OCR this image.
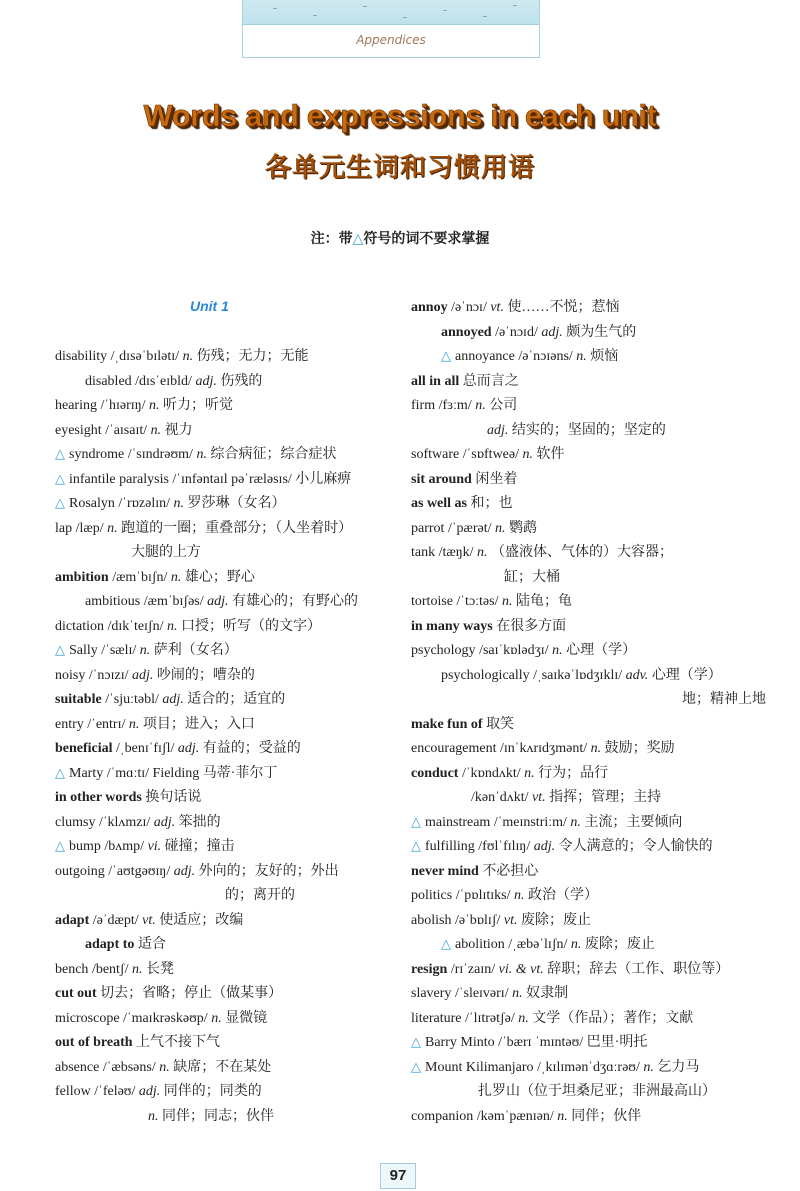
Appendices
Words and expressions in each unit
各单元生词和习惯用语
注：带△符号的词不要求掌握
Unit 1
disability /ˌdɪsəˈbɪlətɪ/ n. 伤残；无力；无能
disabled /dɪsˈeɪbld/ adj. 伤残的
hearing /ˈhɪərɪŋ/ n. 听力；听觉
eyesight /ˈaɪsaɪt/ n. 视力
△ syndrome /ˈsɪndrəʊm/ n. 综合病征；综合症状
△ infantile paralysis /ˈɪnfəntaɪl pəˈræləsɪs/ 小儿麻痹
△ Rosalyn /ˈrɒzəlɪn/ n. 罗莎琳（女名）
lap /læp/ n. 跑道的一圈；重叠部分；（人坐着时）
大腿的上方
ambition /æmˈbɪʃn/ n. 雄心；野心
ambitious /æmˈbɪʃəs/ adj. 有雄心的；有野心的
dictation /dɪkˈteɪʃn/ n. 口授；听写（的文字）
△ Sally /ˈsælɪ/ n. 萨利（女名）
noisy /ˈnɔɪzɪ/ adj. 吵闹的；嘈杂的
suitable /ˈsjuːtəbl/ adj. 适合的；适宜的
entry /ˈentrɪ/ n. 项目；进入；入口
beneficial /ˌbenɪˈfɪʃl/ adj. 有益的；受益的
△ Marty /ˈmɑːtɪ/ Fielding 马蒂·菲尔丁
in other words 换句话说
clumsy /ˈklʌmzɪ/ adj. 笨拙的
△ bump /bʌmp/ vi. 碰撞；撞击
outgoing /ˈaʊtgəʊɪŋ/ adj. 外向的；友好的；外出
的；离开的
adapt /əˈdæpt/ vt. 使适应；改编
adapt to 适合
bench /bentʃ/ n. 长凳
cut out 切去；省略；停止（做某事）
microscope /ˈmaɪkrəskəʊp/ n. 显微镜
out of breath 上气不接下气
absence /ˈæbsəns/ n. 缺席；不在某处
fellow /ˈfeləʊ/ adj. 同伴的；同类的
n. 同伴；同志；伙伴
annoy /əˈnɔɪ/ vt. 使……不悦；惹恼
annoyed /əˈnɔɪd/ adj. 颇为生气的
△ annoyance /əˈnɔɪəns/ n. 烦恼
all in all 总而言之
firm /fɜːm/ n. 公司
adj. 结实的；坚固的；坚定的
software /ˈsɒftweə/ n. 软件
sit around 闲坐着
as well as 和；也
parrot /ˈpærət/ n. 鹦鹉
tank /tæŋk/ n. （盛液体、气体的）大容器；
缸；大桶
tortoise /ˈtɔːtəs/ n. 陆龟；龟
in many ways 在很多方面
psychology /saɪˈkɒlədʒɪ/ n. 心理（学）
psychologically /ˌsaɪkəˈlɒdʒɪklɪ/ adv. 心理（学）
地；精神上地
make fun of 取笑
encouragement /ɪnˈkʌrɪdʒmənt/ n. 鼓励；奖励
conduct /ˈkɒndʌkt/ n. 行为；品行
/kənˈdʌkt/ vt. 指挥；管理；主持
△ mainstream /ˈmeɪnstriːm/ n. 主流；主要倾向
△ fulfilling /fʊlˈfɪlɪŋ/ adj. 令人满意的；令人愉快的
never mind 不必担心
politics /ˈpɒlɪtɪks/ n. 政治（学）
abolish /əˈbɒlɪʃ/ vt. 废除；废止
△ abolition /ˌæbəˈlɪʃn/ n. 废除；废止
resign /rɪˈzaɪn/ vi. & vt. 辞职；辞去（工作、职位等）
slavery /ˈsleɪvərɪ/ n. 奴隶制
literature /ˈlɪtrətʃə/ n. 文学（作品）；著作；文献
△ Barry Minto /ˈbærɪ ˈmɪntəʊ/ 巴里·明托
△ Mount Kilimanjaro /ˌkɪlɪmənˈdʒɑːrəʊ/ n. 乞力马
扎罗山（位于坦桑尼亚；非洲最高山）
companion /kəmˈpænɪən/ n. 同伴；伙伴
97
